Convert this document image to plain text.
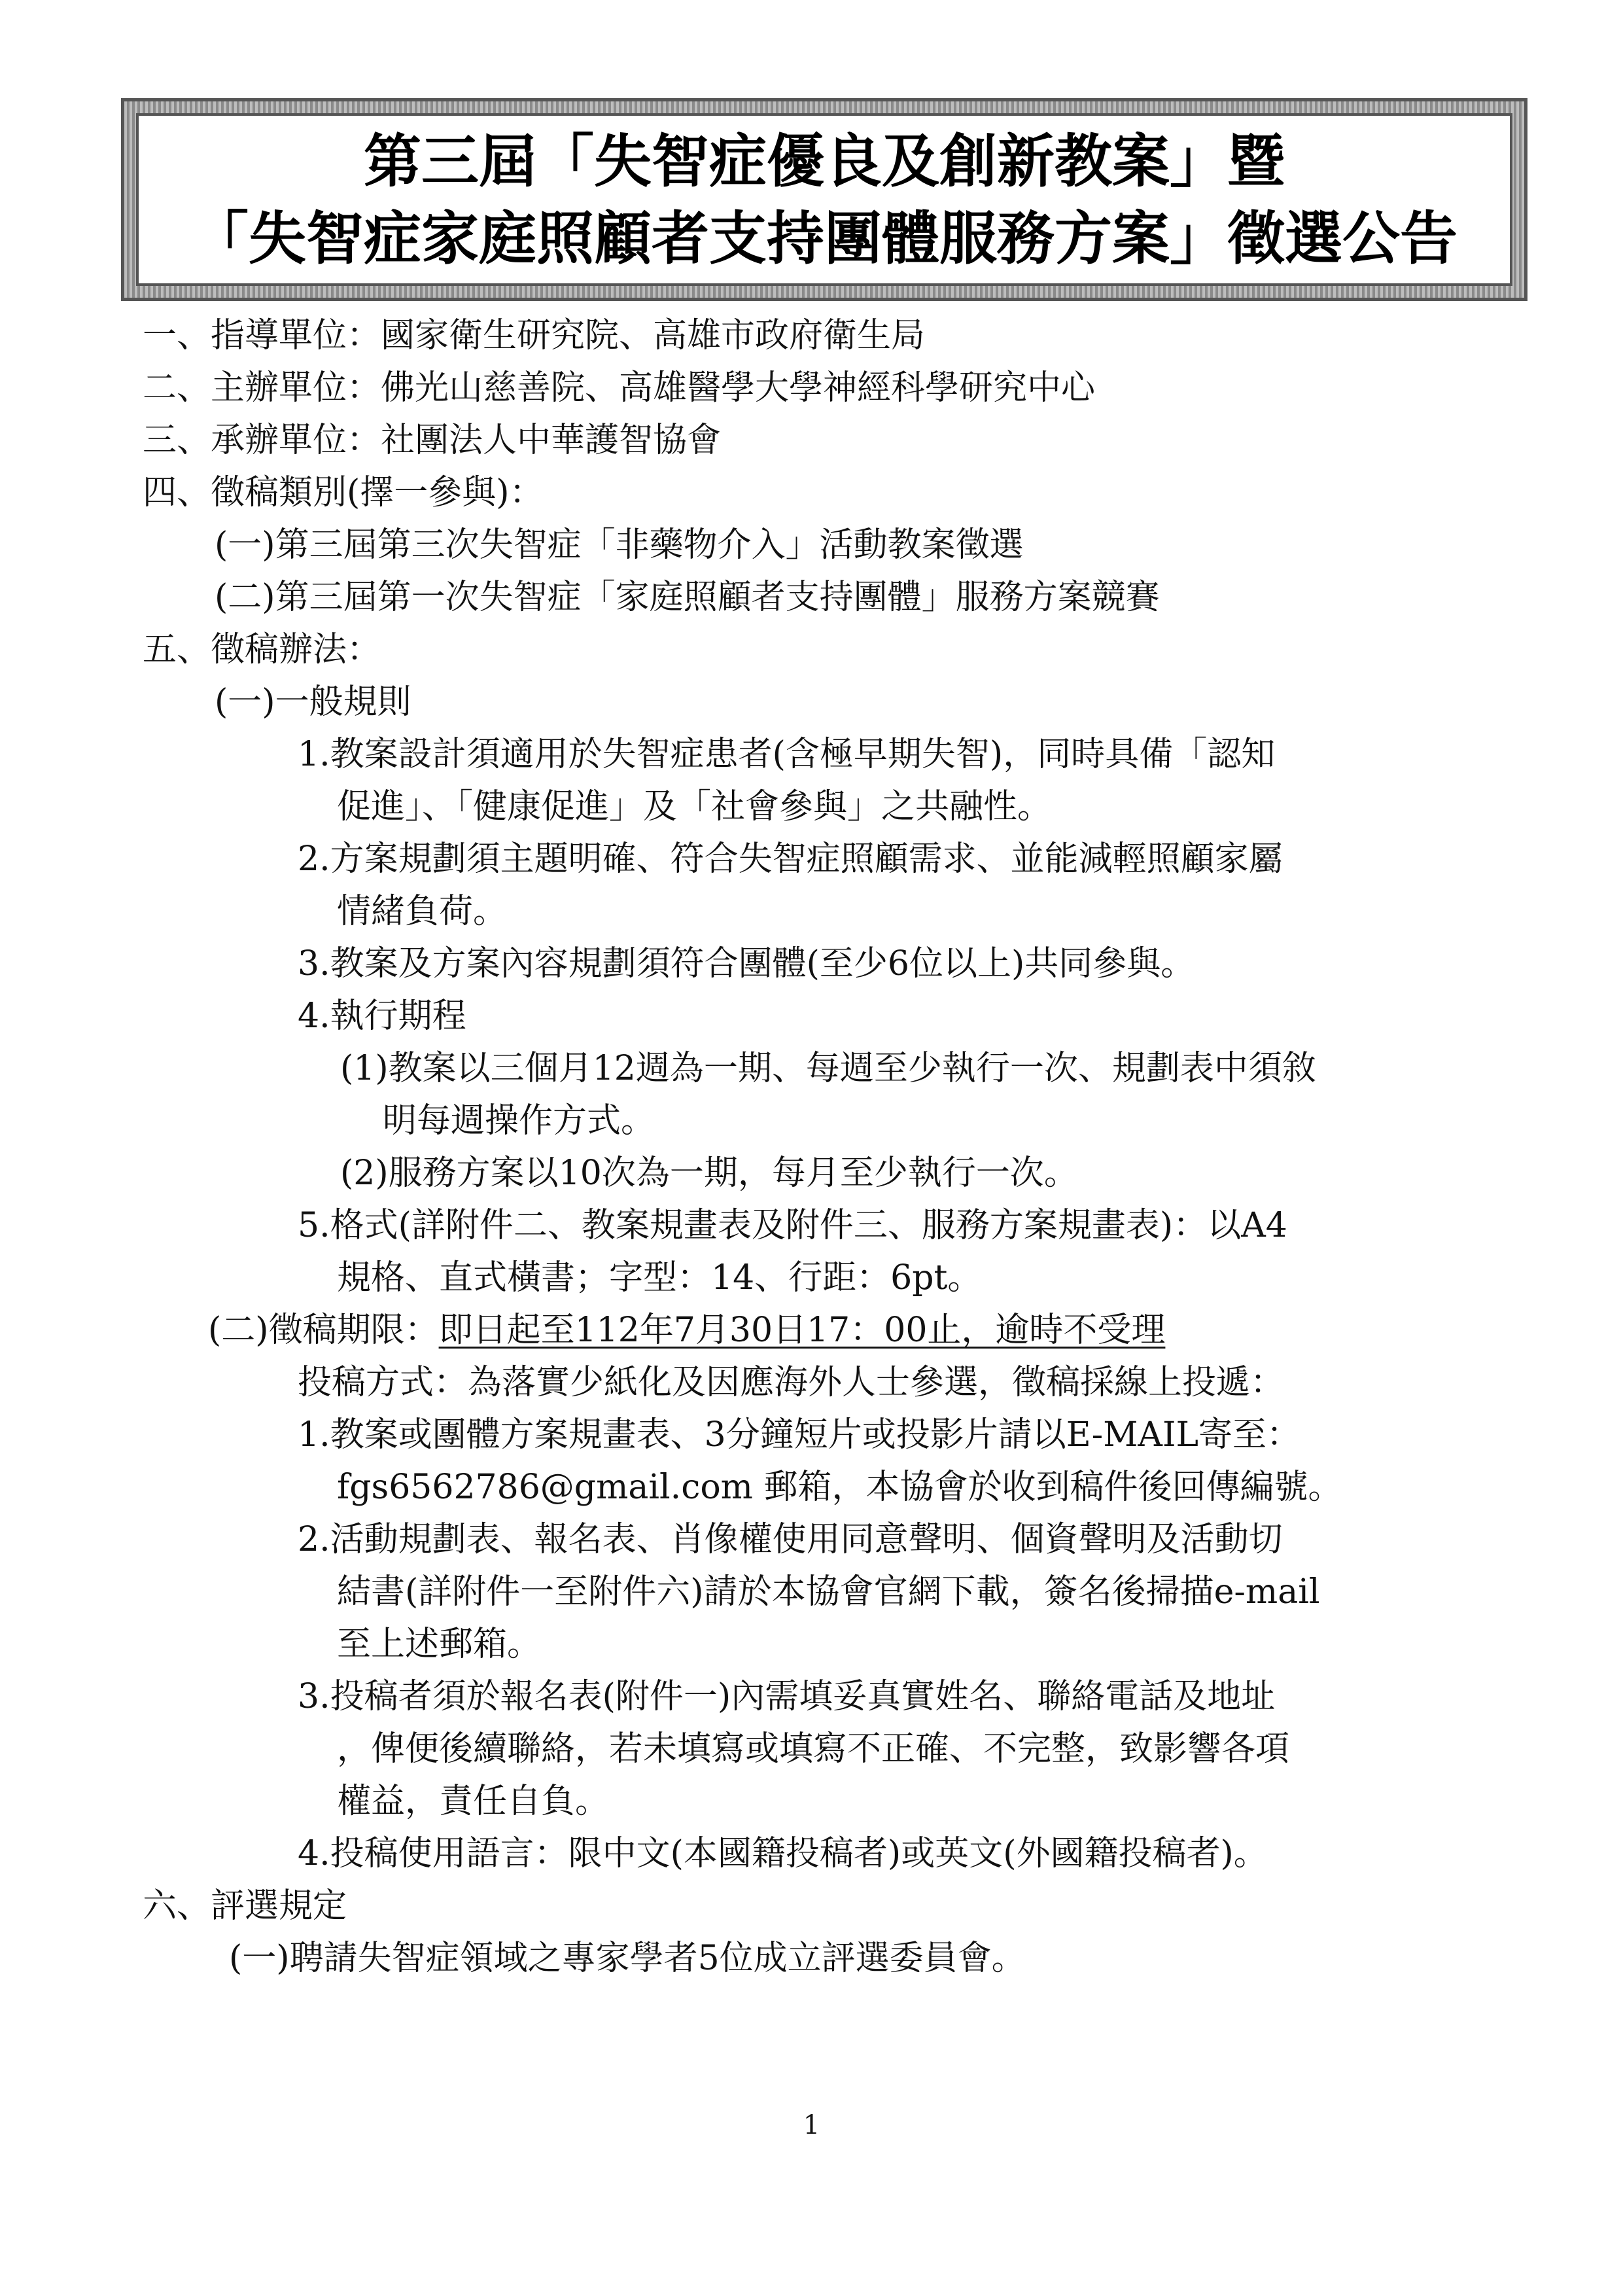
第三屆「失智症優良及創新教案」暨
「失智症家庭照顧者支持團體服務方案」徵選公告
一、指導單位：國家衛生研究院、高雄市政府衛生局
二、主辦單位：佛光山慈善院、高雄醫學大學神經科學研究中心
三、承辦單位：社團法人中華護智協會
四、徵稿類別(擇一參與)：
(一)第三屆第三次失智症「非藥物介入」活動教案徵選
(二)第三屆第一次失智症「家庭照顧者支持團體」服務方案競賽
五、徵稿辦法：
(一)一般規則
1.教案設計須適用於失智症患者(含極早期失智)，同時具備「認知
促進」、「健康促進」及「社會參與」之共融性。
2.方案規劃須主題明確、符合失智症照顧需求、並能減輕照顧家屬
情緒負荷。
3.教案及方案內容規劃須符合團體(至少6位以上)共同參與。
4.執行期程
(1)教案以三個月12週為一期、每週至少執行一次、規劃表中須敘
明每週操作方式。
(2)服務方案以10次為一期，每月至少執行一次。
5.格式(詳附件二、教案規畫表及附件三、服務方案規畫表)：以A4
規格、直式橫書；字型：14、行距：6pt。
(二)徵稿期限：即日起至112年7月30日17：00止，逾時不受理
投稿方式：為落實少紙化及因應海外人士參選，徵稿採線上投遞：
1.教案或團體方案規畫表、3分鐘短片或投影片請以E-MAIL寄至：
fgs6562786@gmail.com 郵箱，本協會於收到稿件後回傳編號。
2.活動規劃表、報名表、肖像權使用同意聲明、個資聲明及活動切
結書(詳附件一至附件六)請於本協會官網下載，簽名後掃描e-mail
至上述郵箱。
3.投稿者須於報名表(附件一)內需填妥真實姓名、聯絡電話及地址
，俾便後續聯絡，若未填寫或填寫不正確、不完整，致影響各項
權益，責任自負。
4.投稿使用語言：限中文(本國籍投稿者)或英文(外國籍投稿者)。
六、評選規定
(一)聘請失智症領域之專家學者5位成立評選委員會。
1
